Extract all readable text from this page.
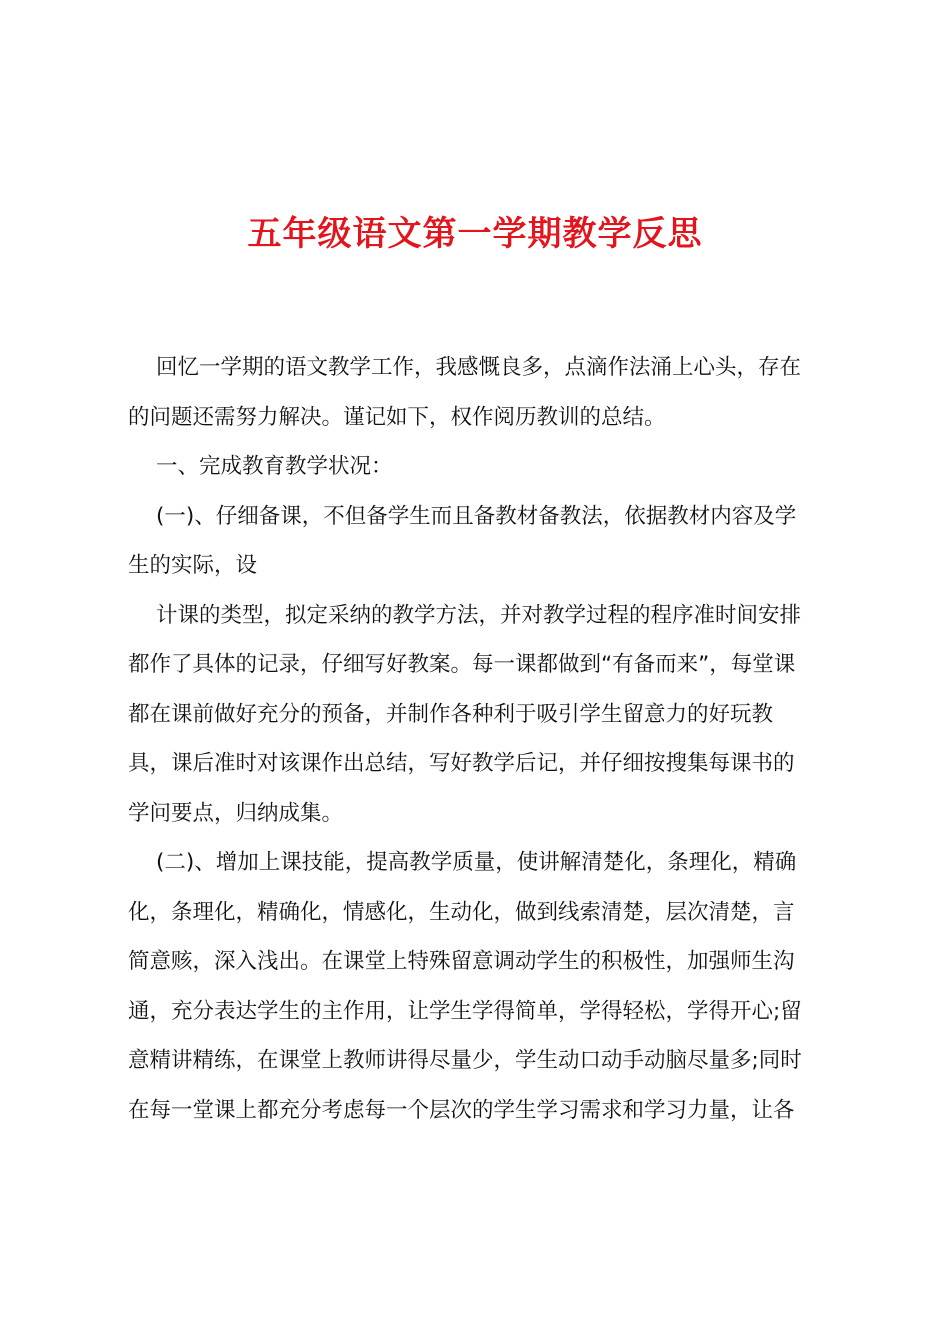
五年级语文第一学期教学反思
回忆一学期的语文教学工作，我感慨良多，点滴作法涌上心头，存在
的问题还需努力解决。谨记如下，权作阅历教训的总结。
一、完成教育教学状况：
(一)、仔细备课，不但备学生而且备教材备教法，依据教材内容及学
生的实际，设
计课的类型，拟定采纳的教学方法，并对教学过程的程序准时间安排
都作了具体的记录，仔细写好教案。每一课都做到“有备而来”，每堂课
都在课前做好充分的预备，并制作各种利于吸引学生留意力的好玩教
具，课后准时对该课作出总结，写好教学后记，并仔细按搜集每课书的
学问要点，归纳成集。
(二)、增加上课技能，提高教学质量，使讲解清楚化，条理化，精确
化，条理化，精确化，情感化，生动化，做到线索清楚，层次清楚，言
简意赅，深入浅出。在课堂上特殊留意调动学生的积极性，加强师生沟
通，充分表达学生的主作用，让学生学得简单，学得轻松，学得开心;留
意精讲精练，在课堂上教师讲得尽量少，学生动口动手动脑尽量多;同时
在每一堂课上都充分考虑每一个层次的学生学习需求和学习力量，让各
